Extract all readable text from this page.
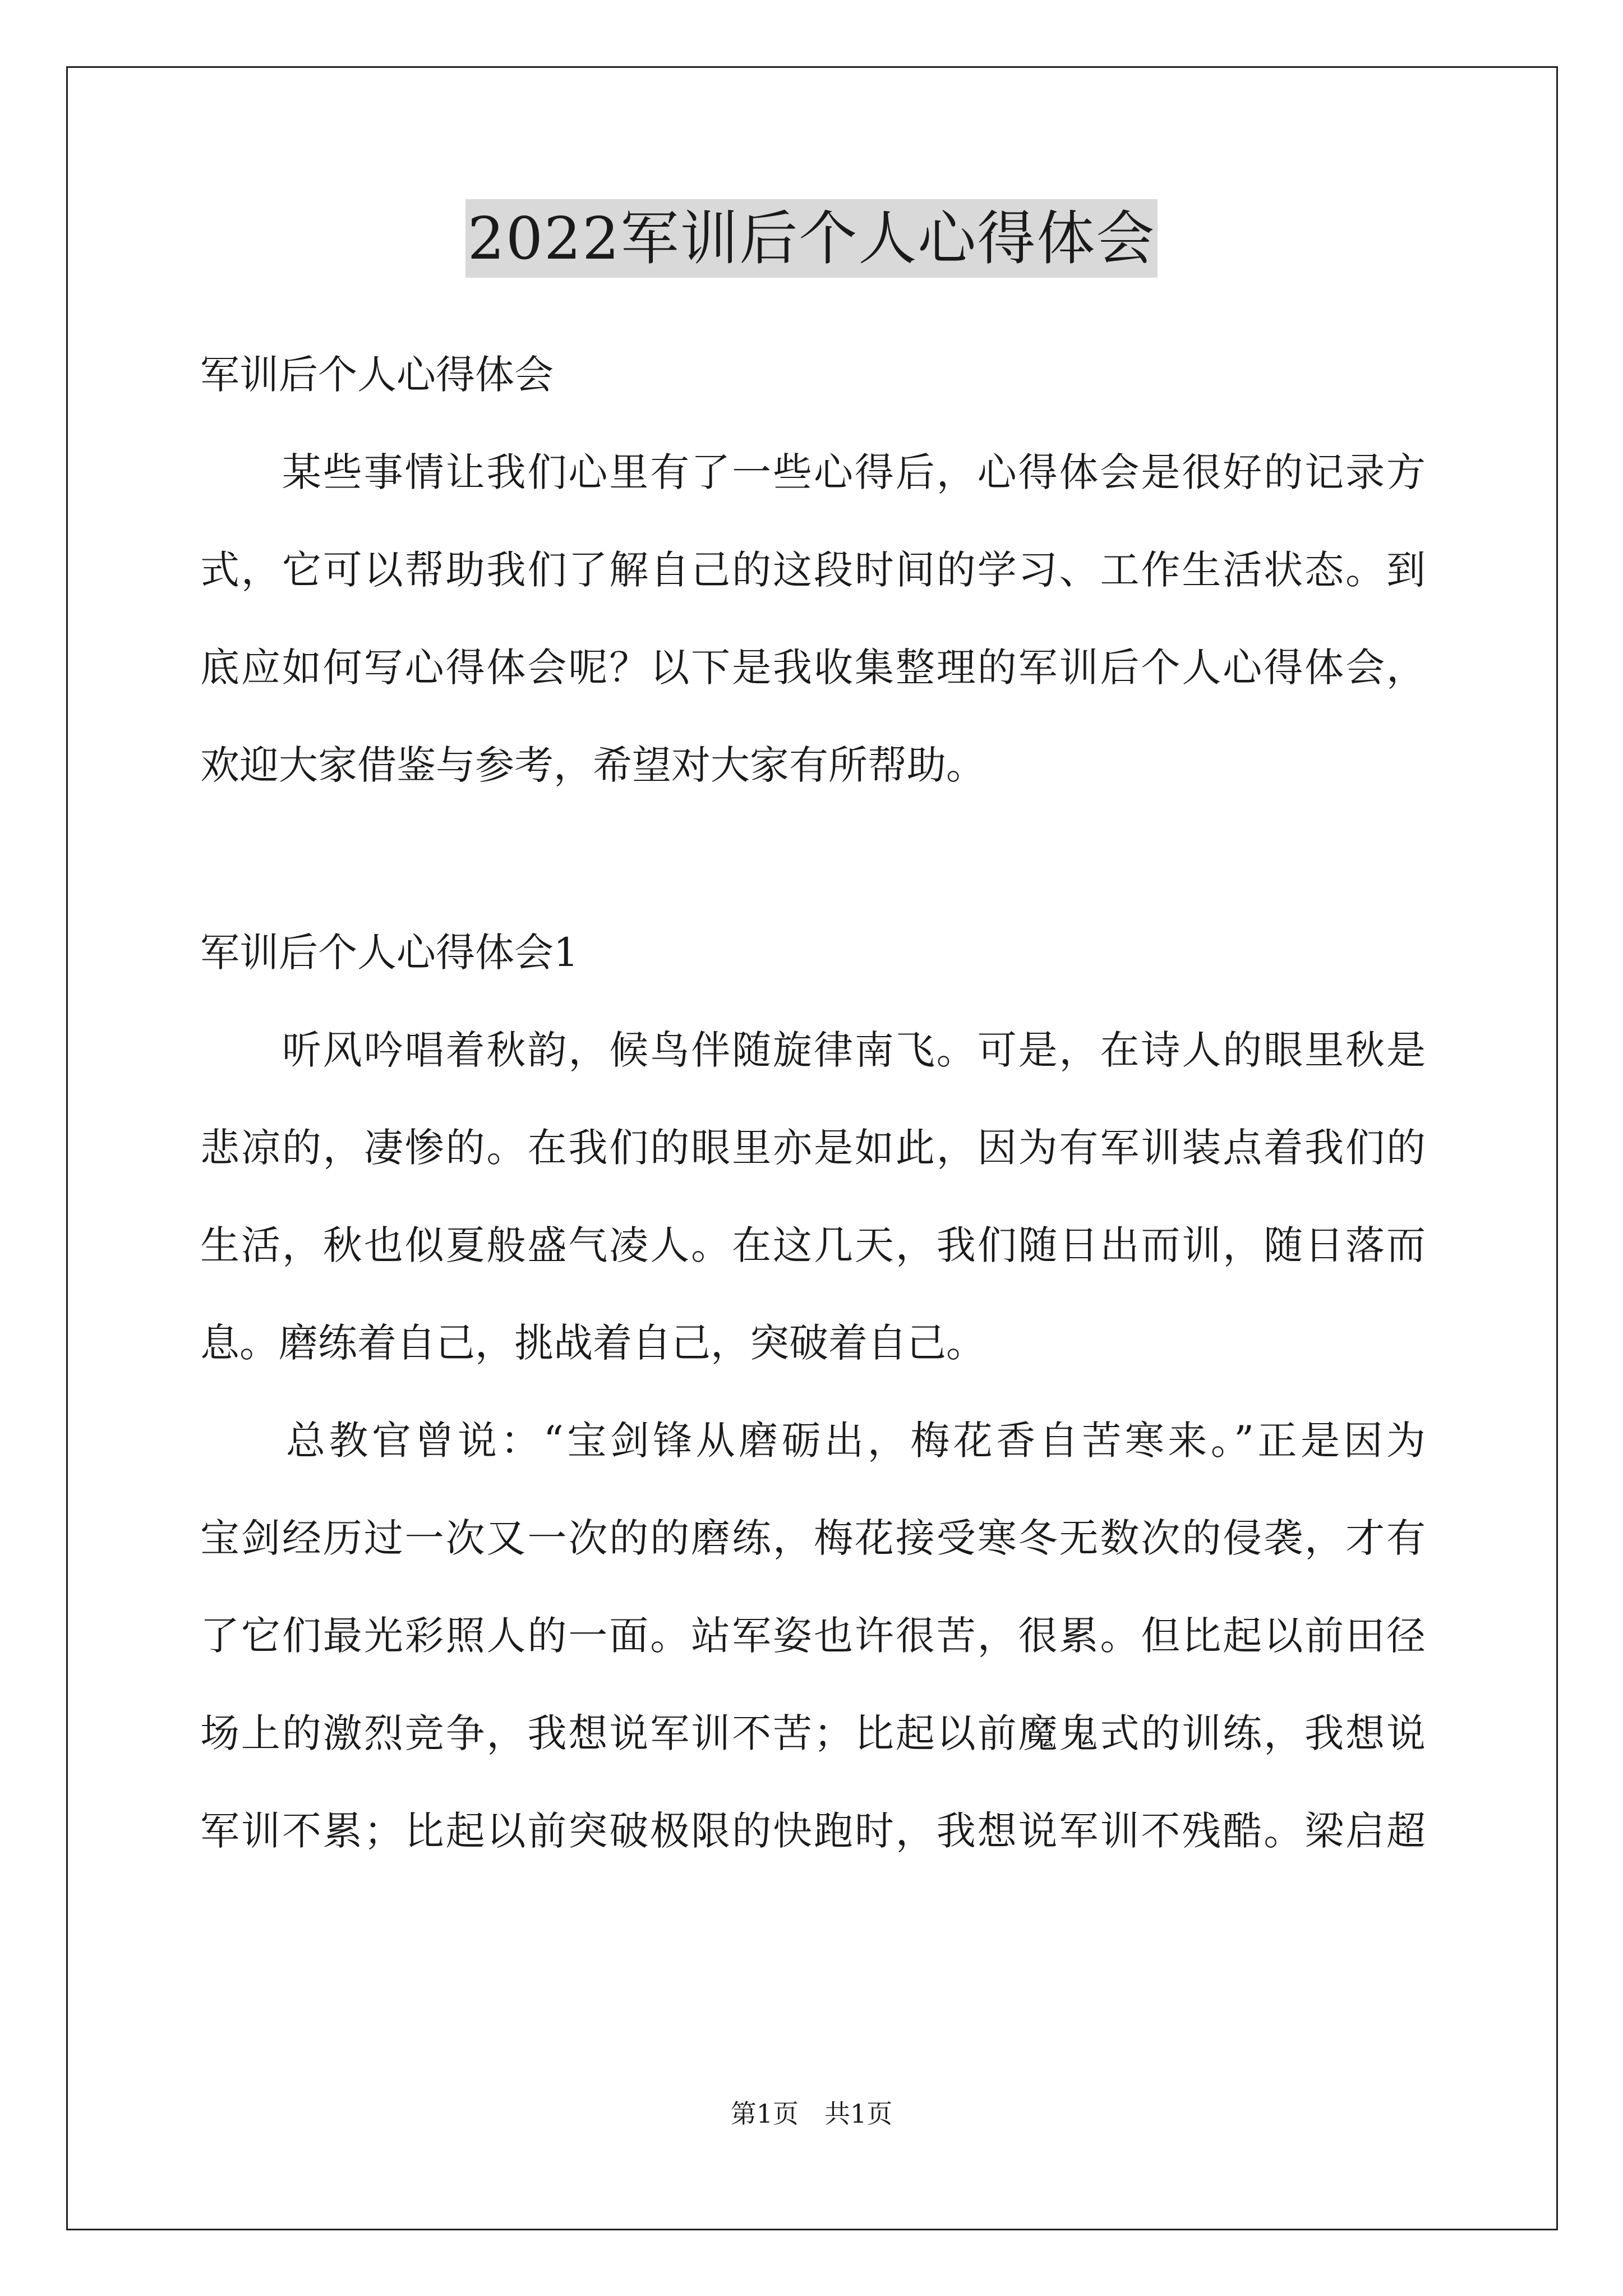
2022军训后个人心得体会

军训后个人心得体会

　　某些事情让我们心里有了一些心得后，心得体会是很好的记录方

式，它可以帮助我们了解自己的这段时间的学习、工作生活状态。到

底应如何写心得体会呢？以下是我收集整理的军训后个人心得体会，

欢迎大家借鉴与参考，希望对大家有所帮助。

军训后个人心得体会1

　　听风吟唱着秋韵，候鸟伴随旋律南飞。可是，在诗人的眼里秋是

悲凉的，凄惨的。在我们的眼里亦是如此，因为有军训装点着我们的

生活，秋也似夏般盛气凌人。在这几天，我们随日出而训，随日落而

息。磨练着自己，挑战着自己，突破着自己。

　　总教官曾说：“宝剑锋从磨砺出，梅花香自苦寒来。”正是因为

宝剑经历过一次又一次的的磨练，梅花接受寒冬无数次的侵袭，才有

了它们最光彩照人的一面。站军姿也许很苦，很累。但比起以前田径

场上的激烈竞争，我想说军训不苦；比起以前魔鬼式的训练，我想说

军训不累；比起以前突破极限的快跑时，我想说军训不残酷。梁启超

第1页　共1页
